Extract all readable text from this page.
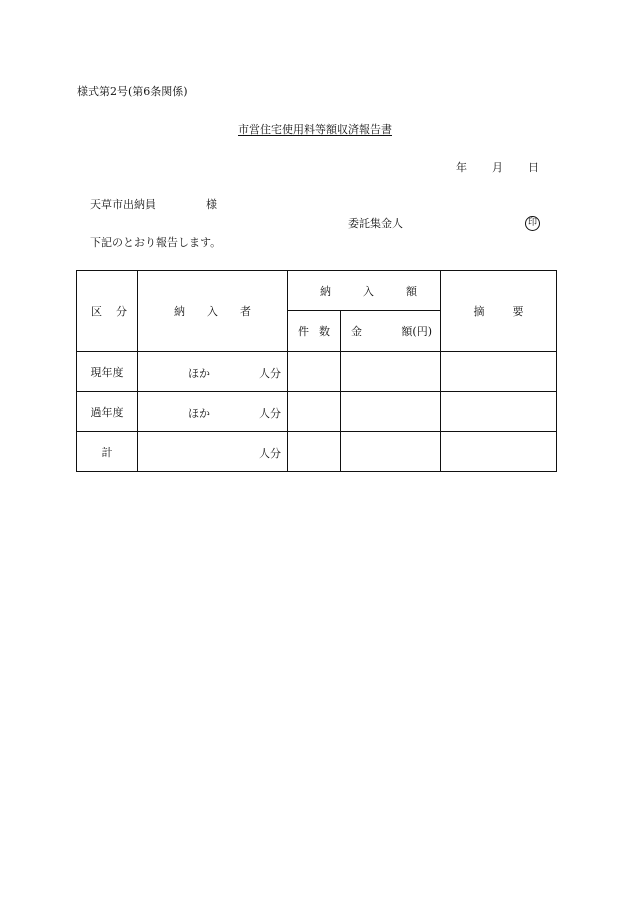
様式第2号(第6条関係)
市営住宅使用料等額収済報告書
年 月 日
天草市出納員	様
委託集金人	印
下記のとおり報告します。
区分	納入者	納入額		摘要

		件 数	金 額(円)	

現年度	ほか 人分			

過年度	ほか 人分			

計	人分			
